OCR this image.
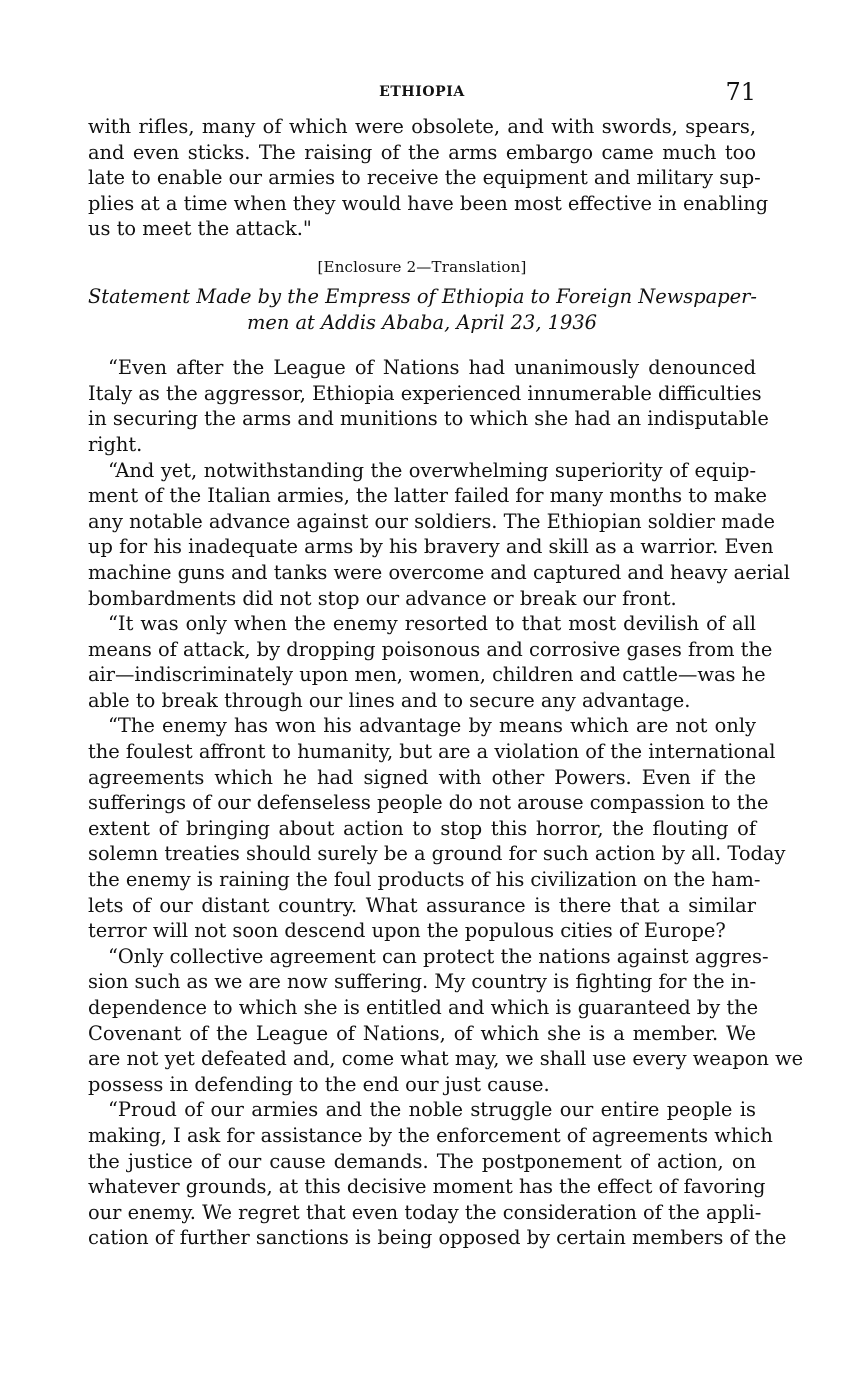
ETHIOPIA	71
with rifles, many of which were obsolete, and with swords, spears,
and even sticks. The raising of the arms embargo came much too
late to enable our armies to receive the equipment and military sup-
plies at a time when they would have been most effective in enabling
us to meet the attack."
[Enclosure 2—Translation]
Statement Made by the Empress of Ethiopia to Foreign Newspaper-
men at Addis Ababa, April 23, 1936
“Even after the League of Nations had unanimously denounced
Italy as the aggressor, Ethiopia experienced innumerable difficulties
in securing the arms and munitions to which she had an indisputable
right.
“And yet, notwithstanding the overwhelming superiority of equip-
ment of the Italian armies, the latter failed for many months to make
any notable advance against our soldiers. The Ethiopian soldier made
up for his inadequate arms by his bravery and skill as a warrior. Even
machine guns and tanks were overcome and captured and heavy aerial
bombardments did not stop our advance or break our front.
“It was only when the enemy resorted to that most devilish of all
means of attack, by dropping poisonous and corrosive gases from the
air—indiscriminately upon men, women, children and cattle—was he
able to break through our lines and to secure any advantage.
“The enemy has won his advantage by means which are not only
the foulest affront to humanity, but are a violation of the international
agreements which he had signed with other Powers. Even if the
sufferings of our defenseless people do not arouse compassion to the
extent of bringing about action to stop this horror, the flouting of
solemn treaties should surely be a ground for such action by all. Today
the enemy is raining the foul products of his civilization on the ham-
lets of our distant country. What assurance is there that a similar
terror will not soon descend upon the populous cities of Europe?
“Only collective agreement can protect the nations against aggres-
sion such as we are now suffering. My country is fighting for the in-
dependence to which she is entitled and which is guaranteed by the
Covenant of the League of Nations, of which she is a member. We
are not yet defeated and, come what may, we shall use every weapon we
possess in defending to the end our just cause.
“Proud of our armies and the noble struggle our entire people is
making, I ask for assistance by the enforcement of agreements which
the justice of our cause demands. The postponement of action, on
whatever grounds, at this decisive moment has the effect of favoring
our enemy. We regret that even today the consideration of the appli-
cation of further sanctions is being opposed by certain members of the
